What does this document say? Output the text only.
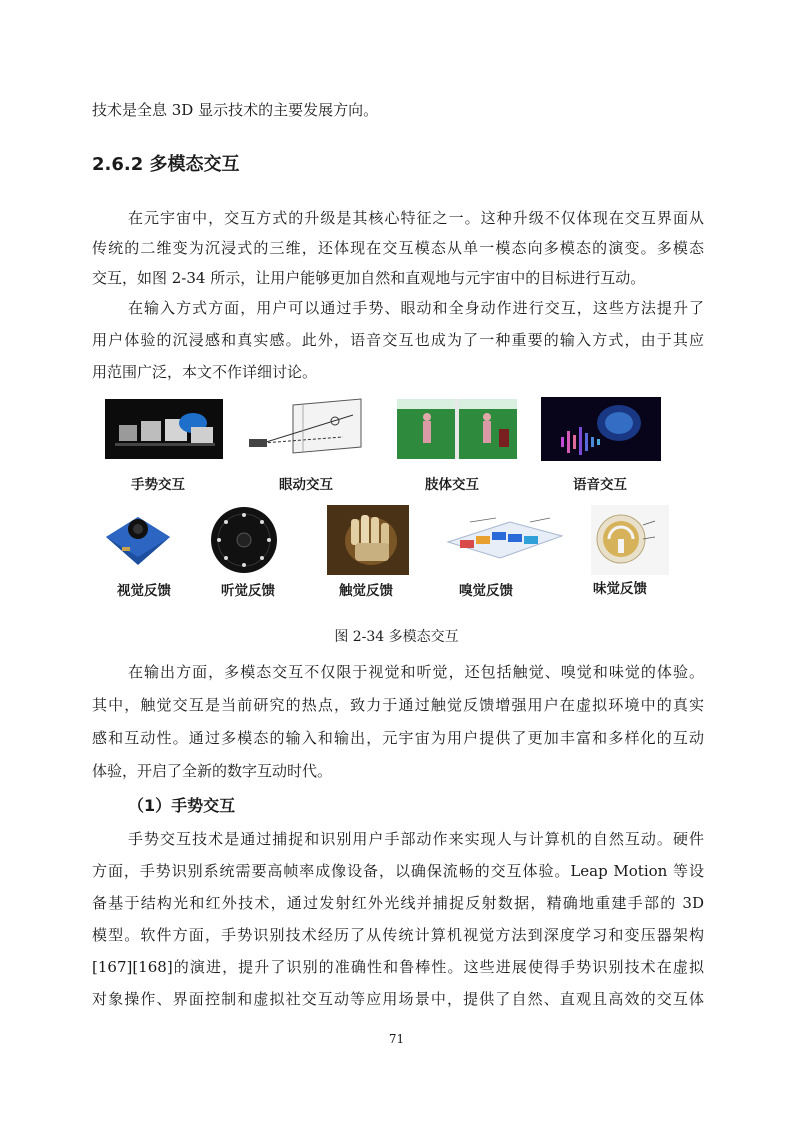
技术是全息 3D 显示技术的主要发展方向。
2.6.2 多模态交互
在元宇宙中，交互方式的升级是其核心特征之一。这种升级不仅体现在交互界面从
传统的二维变为沉浸式的三维，还体现在交互模态从单一模态向多模态的演变。多模态
交互，如图 2-34 所示，让用户能够更加自然和直观地与元宇宙中的目标进行互动。
在输入方式方面，用户可以通过手势、眼动和全身动作进行交互，这些方法提升了
用户体验的沉浸感和真实感。此外，语音交互也成为了一种重要的输入方式，由于其应
用范围广泛，本文不作详细讨论。
手势交互	眼动交互	肢体交互	语音交互
视觉反馈	听觉反馈	触觉反馈	嗅觉反馈	味觉反馈
图 2-34 多模态交互
在输出方面，多模态交互不仅限于视觉和听觉，还包括触觉、嗅觉和味觉的体验。
其中，触觉交互是当前研究的热点，致力于通过触觉反馈增强用户在虚拟环境中的真实
感和互动性。通过多模态的输入和输出，元宇宙为用户提供了更加丰富和多样化的互动
体验，开启了全新的数字互动时代。
（1）手势交互
手势交互技术是通过捕捉和识别用户手部动作来实现人与计算机的自然互动。硬件
方面，手势识别系统需要高帧率成像设备，以确保流畅的交互体验。Leap Motion 等设
备基于结构光和红外技术，通过发射红外光线并捕捉反射数据，精确地重建手部的 3D
模型。软件方面，手势识别技术经历了从传统计算机视觉方法到深度学习和变压器架构
[167][168]的演进，提升了识别的准确性和鲁棒性。这些进展使得手势识别技术在虚拟
对象操作、界面控制和虚拟社交互动等应用场景中，提供了自然、直观且高效的交互体
71
